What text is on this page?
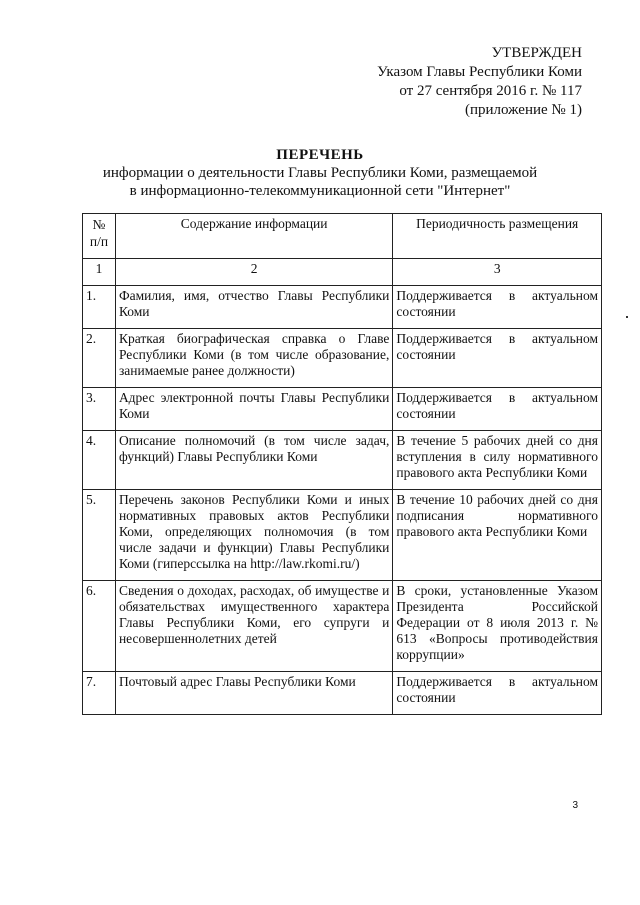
УТВЕРЖДЕН
Указом Главы Республики Коми
от 27 сентября 2016 г. № 117
(приложение № 1)
ПЕРЕЧЕНЬ
информации о деятельности Главы Республики Коми, размещаемой
в информационно-телекоммуникационной сети "Интернет"
№
п/п	Содержание информации	Периодичность размещения
1	2	3
1.	Фамилия, имя, отчество Главы Республики Коми	Поддерживается в актуальном состоянии
2.	Краткая биографическая справка о Главе Республики Коми (в том числе образование, занимаемые ранее должности)	Поддерживается в актуальном состоянии
3.	Адрес электронной почты Главы Республики Коми	Поддерживается в актуальном состоянии
4.	Описание полномочий (в том числе задач, функций) Главы Республики Коми	В течение 5 рабочих дней со дня вступления в силу нормативного правового акта Республики Коми
5.	Перечень законов Республики Коми и иных нормативных правовых актов Республики Коми, определяющих полномочия (в том числе задачи и функции) Главы Республики Коми (гиперссылка на http://law.rkomi.ru/)	В течение 10 рабочих дней со дня подписания нормативного правового акта Республики Коми
6.	Сведения о доходах, расходах, об имуществе и обязательствах имущественного характера Главы Республики Коми, его супруги и несовершеннолетних детей	В сроки, установленные Указом Президента Российской Федерации от 8 июля 2013 г. № 613 «Вопросы противодействия коррупции»
7.	Почтовый адрес Главы Республики Коми	Поддерживается в актуальном состоянии
3
